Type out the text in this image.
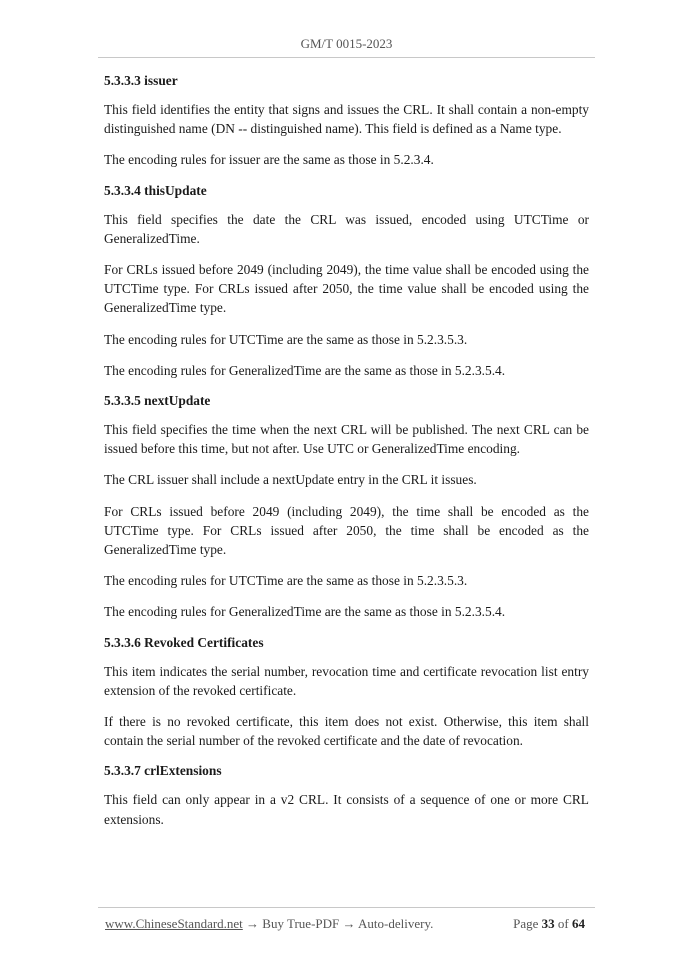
GM/T 0015-2023
5.3.3.3 issuer

This field identifies the entity that signs and issues the CRL. It shall contain a non-empty distinguished name (DN -- distinguished name). This field is defined as a Name type.

The encoding rules for issuer are the same as those in 5.2.3.4.

5.3.3.4 thisUpdate

This field specifies the date the CRL was issued, encoded using UTCTime or GeneralizedTime.

For CRLs issued before 2049 (including 2049), the time value shall be encoded using the UTCTime type. For CRLs issued after 2050, the time value shall be encoded using the GeneralizedTime type.

The encoding rules for UTCTime are the same as those in 5.2.3.5.3.

The encoding rules for GeneralizedTime are the same as those in 5.2.3.5.4.

5.3.3.5 nextUpdate

This field specifies the time when the next CRL will be published. The next CRL can be issued before this time, but not after. Use UTC or GeneralizedTime encoding.

The CRL issuer shall include a nextUpdate entry in the CRL it issues.

For CRLs issued before 2049 (including 2049), the time shall be encoded as the UTCTime type. For CRLs issued after 2050, the time shall be encoded as the GeneralizedTime type.

The encoding rules for UTCTime are the same as those in 5.2.3.5.3.

The encoding rules for GeneralizedTime are the same as those in 5.2.3.5.4.

5.3.3.6 Revoked Certificates

This item indicates the serial number, revocation time and certificate revocation list entry extension of the revoked certificate.

If there is no revoked certificate, this item does not exist. Otherwise, this item shall contain the serial number of the revoked certificate and the date of revocation.

5.3.3.7 crlExtensions

This field can only appear in a v2 CRL. It consists of a sequence of one or more CRL extensions.

www.ChineseStandard.net → Buy True-PDF → Auto-delivery.	Page 33 of 64
